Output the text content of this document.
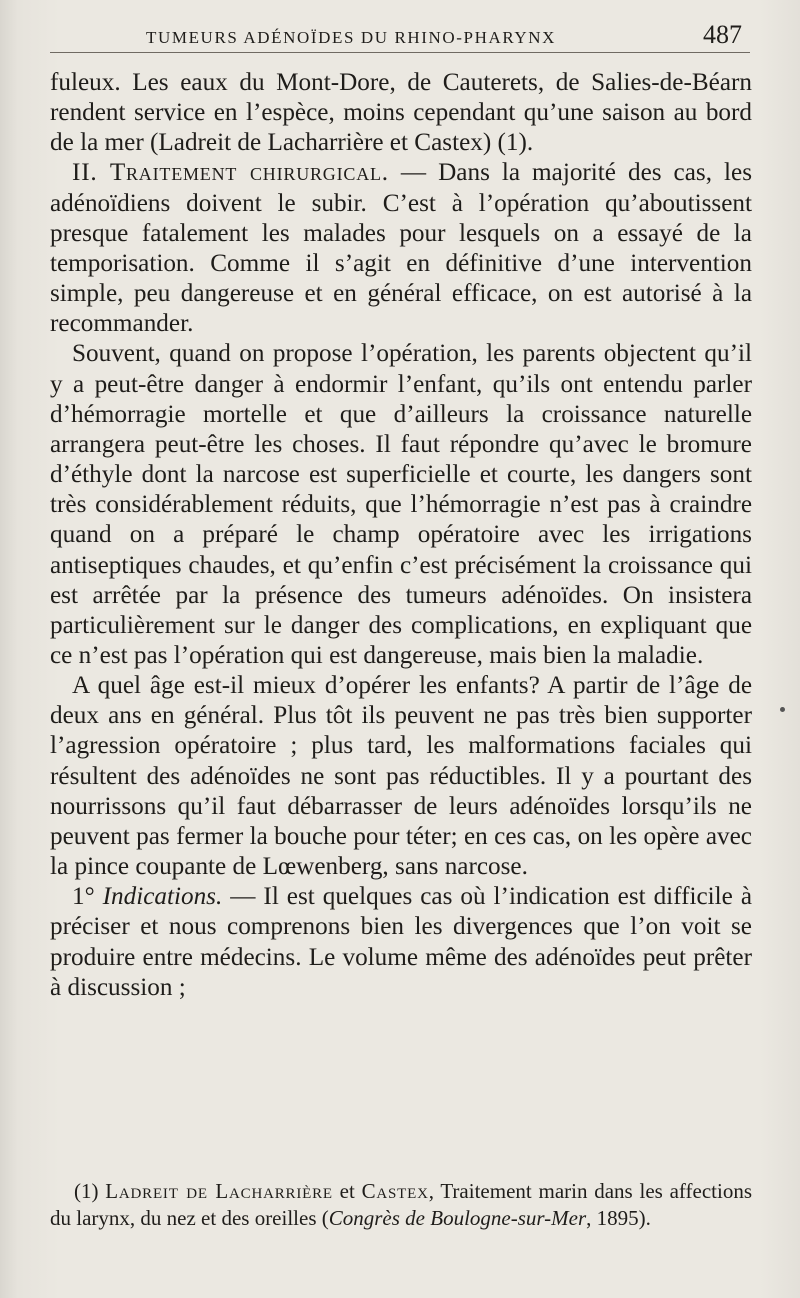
TUMEURS ADÉNOÏDES DU RHINO-PHARYNX	487

fuleux. Les eaux du Mont-Dore, de Cauterets, de Salies-de-Béarn rendent service en l’espèce, moins cependant qu’une saison au bord de la mer (Ladreit de Lacharrière et Castex) (1).

II. Traitement chirurgical. — Dans la majorité des cas, les adénoïdiens doivent le subir. C’est à l’opération qu’aboutissent presque fatalement les malades pour lesquels on a essayé de la temporisation. Comme il s’agit en définitive d’une intervention simple, peu dangereuse et en général efficace, on est autorisé à la recommander.

Souvent, quand on propose l’opération, les parents objectent qu’il y a peut-être danger à endormir l’enfant, qu’ils ont entendu parler d’hémorragie mortelle et que d’ailleurs la croissance naturelle arrangera peut-être les choses. Il faut répondre qu’avec le bromure d’éthyle dont la narcose est superficielle et courte, les dangers sont très considérablement réduits, que l’hémorragie n’est pas à craindre quand on a préparé le champ opératoire avec les irrigations antiseptiques chaudes, et qu’enfin c’est précisément la croissance qui est arrêtée par la présence des tumeurs adénoïdes. On insistera particulièrement sur le danger des complications, en expliquant que ce n’est pas l’opération qui est dangereuse, mais bien la maladie.

A quel âge est-il mieux d’opérer les enfants? A partir de l’âge de deux ans en général. Plus tôt ils peuvent ne pas très bien supporter l’agression opératoire ; plus tard, les malformations faciales qui résultent des adénoïdes ne sont pas réductibles. Il y a pourtant des nourrissons qu’il faut débarrasser de leurs adénoïdes lorsqu’ils ne peuvent pas fermer la bouche pour téter; en ces cas, on les opère avec la pince coupante de Lœwenberg, sans narcose.

1° Indications. — Il est quelques cas où l’indication est difficile à préciser et nous comprenons bien les divergences que l’on voit se produire entre médecins. Le volume même des adénoïdes peut prêter à discussion ;

(1) Ladreit de Lacharrière et Castex, Traitement marin dans les affections du larynx, du nez et des oreilles (Congrès de Boulogne-sur-Mer, 1895).
